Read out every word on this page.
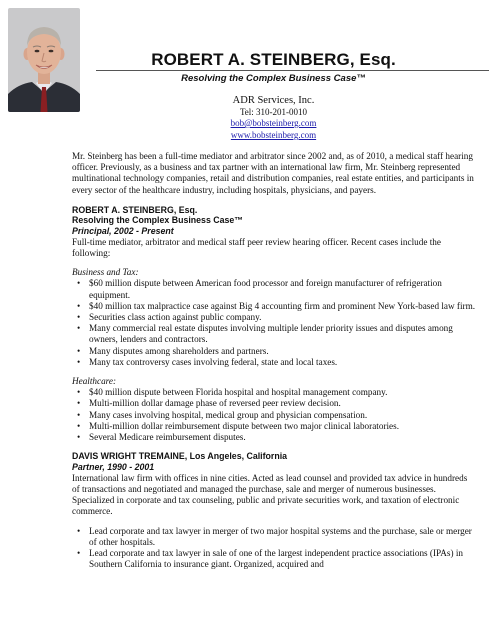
ROBERT A. STEINBERG, Esq.
Resolving the Complex Business Case™
ADR Services, Inc.
Tel: 310-201-0010
bob@bobsteinberg.com
www.bobsteinberg.com

Mr. Steinberg has been a full-time mediator and arbitrator since 2002 and, as of 2010, a medical staff hearing officer. Previously, as a business and tax partner with an international law firm, Mr. Steinberg represented multinational technology companies, retail and distribution companies, real estate entities, and participants in every sector of the healthcare industry, including hospitals, physicians, and payers.

ROBERT A. STEINBERG, Esq.
Resolving the Complex Business Case™
Principal, 2002 - Present

Full-time mediator, arbitrator and medical staff peer review hearing officer. Recent cases include the following:

Business and Tax:

• $60 million dispute between American food processor and foreign manufacturer of refrigeration equipment.
• $40 million tax malpractice case against Big 4 accounting firm and prominent New York-based law firm.
• Securities class action against public company.
• Many commercial real estate disputes involving multiple lender priority issues and disputes among owners, lenders and contractors.
• Many disputes among shareholders and partners.
• Many tax controversy cases involving federal, state and local taxes.

Healthcare:

• $40 million dispute between Florida hospital and hospital management company.
• Multi-million dollar damage phase of reversed peer review decision.
• Many cases involving hospital, medical group and physician compensation.
• Multi-million dollar reimbursement dispute between two major clinical laboratories.
• Several Medicare reimbursement disputes.
DAVIS WRIGHT TREMAINE, Los Angeles, California
Partner, 1990 - 2001

International law firm with offices in nine cities. Acted as lead counsel and provided tax advice in hundreds of transactions and negotiated and managed the purchase, sale and merger of numerous businesses. Specialized in corporate and tax counseling, public and private securities work, and taxation of electronic commerce.

• Lead corporate and tax lawyer in merger of two major hospital systems and the purchase, sale or merger of other hospitals.
• Lead corporate and tax lawyer in sale of one of the largest independent practice associations (IPAs) in Southern California to insurance giant. Organized, acquired and
